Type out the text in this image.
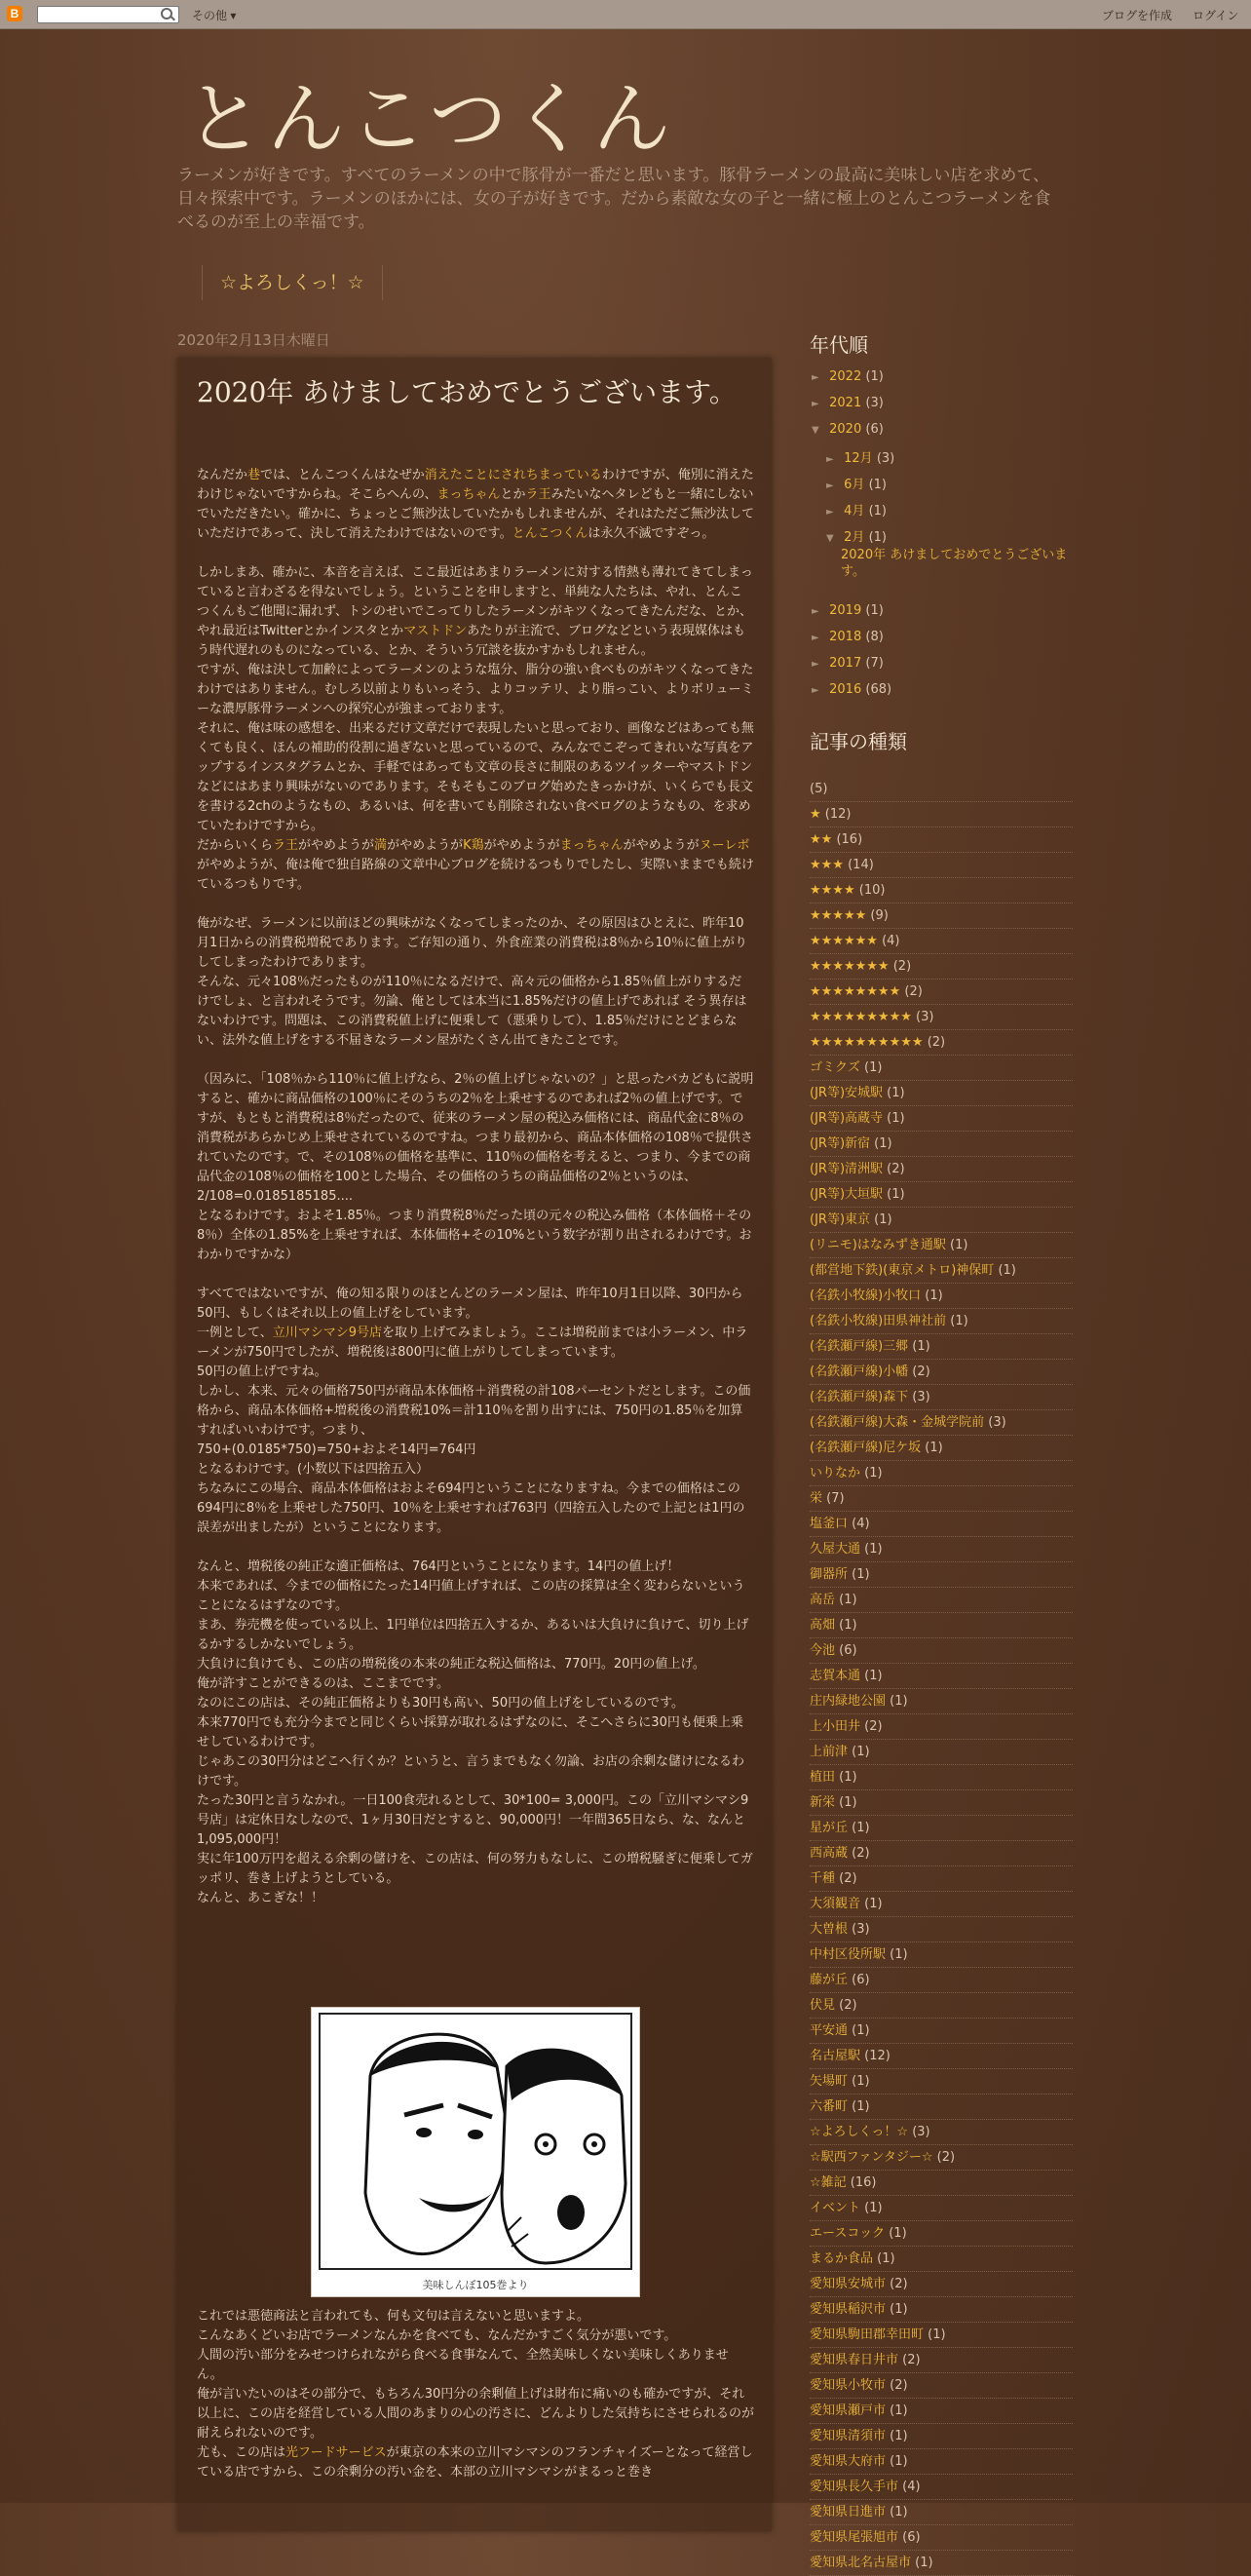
B	その他 ▾	ブログを作成 ログイン
とんこつくん
ラーメンが好きです。すべてのラーメンの中で豚骨が一番だと思います。豚骨ラーメンの最高に美味しい店を求めて、日々探索中です。ラーメンのほかには、女の子が好きです。だから素敵な女の子と一緒に極上のとんこつラーメンを食べるのが至上の幸福です。
☆よろしくっ！☆
2020年2月13日木曜日
2020年 あけましておめでとうございます。

なんだか巷では、とんこつくんはなぜか消えたことにされちまっているわけですが、俺別に消えたわけじゃないですからね。そこらへんの、まっちゃんとかラ王みたいなヘタレどもと一緒にしないでいただきたい。確かに、ちょっとご無沙汰していたかもしれませんが、それはただご無沙汰していただけであって、決して消えたわけではないのです。とんこつくんは永久不滅ですぞっ。

しかしまあ、確かに、本音を言えば、ここ最近はあまりラーメンに対する情熱も薄れてきてしまっていると言わざるを得ないでしょう。ということを申しますと、単純な人たちは、やれ、とんこつくんもご他聞に漏れず、トシのせいでこってりしたラーメンがキツくなってきたんだな、とか、やれ最近はTwitterとかインスタとかマストドンあたりが主流で、ブログなどという表現媒体はもう時代遅れのものになっている、とか、そういう冗談を抜かすかもしれません。

ですが、俺は決して加齢によってラーメンのような塩分、脂分の強い食べものがキツくなってきたわけではありません。むしろ以前よりもいっそう、よりコッテリ、より脂っこい、よりボリューミーな濃厚豚骨ラーメンへの探究心が強まっております。

それに、俺は味の感想を、出来るだけ文章だけで表現したいと思っており、画像などはあっても無くても良く、ほんの補助的役割に過ぎないと思っているので、みんなでこぞってきれいな写真をアップするインスタグラムとか、手軽ではあっても文章の長さに制限のあるツイッターやマストドンなどにはあまり興味がないのであります。そもそもこのブログ始めたきっかけが、いくらでも長文を書ける2chのようなもの、あるいは、何を書いても削除されない食べログのようなもの、を求めていたわけですから。

だからいくらラ王がやめようが満がやめようがK鶏がやめようがまっちゃんがやめようがヌーレボがやめようが、俺は俺で独自路線の文章中心ブログを続けるつもりでしたし、実際いままでも続けているつもりです。

俺がなぜ、ラーメンに以前ほどの興味がなくなってしまったのか、その原因はひとえに、昨年10月1日からの消費税増税であります。ご存知の通り、外食産業の消費税は8％から10％に値上がりしてしまったわけであります。

そんな、元々108％だったものが110％になるだけで、高々元の価格から1.85％値上がりするだけでしょ、と言われそうです。勿論、俺としては本当に1.85%だけの値上げであれば そう異存はないわけです。問題は、この消費税値上げに便乗して（悪乗りして）、1.85％だけにとどまらない、法外な値上げをする不届きなラーメン屋がたくさん出てきたことです。

（因みに、「108％から110％に値上げなら、2％の値上げじゃないの？」と思ったバカどもに説明すると、確かに商品価格の100％にそのうちの2％を上乗せするのであれば2％の値上げです。ですが、もともと消費税は8％だったので、従来のラーメン屋の税込み価格には、商品代金に8％の消費税があらかじめ上乗せされているのですね。つまり最初から、商品本体価格の108％で提供されていたのです。で、その108％の価格を基準に、110％の価格を考えると、つまり、今までの商品代金の108％の価格を100とした場合、その価格のうちの商品価格の2％というのは、

2/108=0.0185185185....

となるわけです。およそ1.85％。つまり消費税8％だった頃の元々の税込み価格（本体価格＋その8％）全体の1.85%を上乗せすれば、本体価格+その10%という数字が割り出されるわけです。おわかりですかな）

すべてではないですが、俺の知る限りのほとんどのラーメン屋は、昨年10月1日以降、30円から50円、もしくはそれ以上の値上げをしています。

一例として、立川マシマシ9号店を取り上げてみましょう。ここは増税前までは小ラーメン、中ラーメンが750円でしたが、増税後は800円に値上がりしてしまっています。

50円の値上げですね。

しかし、本来、元々の価格750円が商品本体価格＋消費税の計108パーセントだとします。この価格から、商品本体価格+増税後の消費税10%＝計110％を割り出すには、750円の1.85％を加算すればいいわけです。つまり、

750+(0.0185*750)=750+およそ14円=764円

となるわけです。(小数以下は四捨五入）

ちなみにこの場合、商品本体価格はおよそ694円ということになりますね。今までの価格はこの694円に8％を上乗せした750円、10％を上乗せすれば763円（四捨五入したので上記とは1円の誤差が出ましたが）ということになります。

なんと、増税後の純正な適正価格は、764円ということになります。14円の値上げ！

本来であれば、今までの価格にたった14円値上げすれば、この店の採算は全く変わらないということになるはずなのです。

まあ、券売機を使っている以上、1円単位は四捨五入するか、あるいは大負けに負けて、切り上げるかするしかないでしょう。

大負けに負けても、この店の増税後の本来の純正な税込価格は、770円。20円の値上げ。

俺が許すことができるのは、ここまでです。

なのにこの店は、その純正価格よりも30円も高い、50円の値上げをしているのです。

本来770円でも充分今までと同じくらい採算が取れるはずなのに、そこへさらに30円も便乗上乗せしているわけです。

じゃあこの30円分はどこへ行くか？というと、言うまでもなく勿論、お店の余剰な儲けになるわけです。

たった30円と言うなかれ。一日100食売れるとして、30*100= 3,000円。この「立川マシマシ9号店」は定休日なしなので、1ヶ月30日だとすると、90,000円！一年間365日なら、な、なんと1,095,000円！

実に年100万円を超える余剰の儲けを、この店は、何の努力もなしに、この増税騒ぎに便乗してガッポリ、巻き上げようとしている。

なんと、あこぎな！！

美味しんぼ105巻より

これでは悪徳商法と言われても、何も文句は言えないと思いますよ。

こんなあくどいお店でラーメンなんかを食べても、なんだかすごく気分が悪いです。

人間の汚い部分をみせつけられながら食べる食事なんて、全然美味しくない美味しくありません。

俺が言いたいのはその部分で、もちろん30円分の余剰値上げは財布に痛いのも確かですが、それ以上に、この店を経営している人間のあまりの心の汚さに、どんよりした気持ちにさせられるのが耐えられないのです。

尤も、この店は光フードサービスが東京の本来の立川マシマシのフランチャイズーとなって経営している店ですから、この余剰分の汚い金を、本部の立川マシマシがまるっと巻き

年代順
► 2022 (1)
► 2021 (3)
▼ 2020 (6)
► 12月 (3)
► 6月 (1)
► 4月 (1)
▼ 2月 (1)
2020年 あけましておめでとうございます。
► 2019 (1)
► 2018 (8)
► 2017 (7)
► 2016 (68)
記事の種類
(5)
★ (12)
★★ (16)
★★★ (14)
★★★★ (10)
★★★★★ (9)
★★★★★★ (4)
★★★★★★★ (2)
★★★★★★★★ (2)
★★★★★★★★★ (3)
★★★★★★★★★★ (2)
ゴミクズ (1)
(JR等)安城駅 (1)
(JR等)高蔵寺 (1)
(JR等)新宿 (1)
(JR等)清洲駅 (2)
(JR等)大垣駅 (1)
(JR等)東京 (1)
(リニモ)はなみずき通駅 (1)
(都営地下鉄)(東京メトロ)神保町 (1)
(名鉄小牧線)小牧口 (1)
(名鉄小牧線)田県神社前 (1)
(名鉄瀬戸線)三郷 (1)
(名鉄瀬戸線)小幡 (2)
(名鉄瀬戸線)森下 (3)
(名鉄瀬戸線)大森・金城学院前 (3)
(名鉄瀬戸線)尼ケ坂 (1)
いりなか (1)
栄 (7)
塩釜口 (4)
久屋大通 (1)
御器所 (1)
高岳 (1)
高畑 (1)
今池 (6)
志賀本通 (1)
庄内緑地公園 (1)
上小田井 (2)
上前津 (1)
植田 (1)
新栄 (1)
星が丘 (1)
西高蔵 (2)
千種 (2)
大須観音 (1)
大曽根 (3)
中村区役所駅 (1)
藤が丘 (6)
伏見 (2)
平安通 (1)
名古屋駅 (12)
矢場町 (1)
六番町 (1)
☆よろしくっ！☆ (3)
☆駅西ファンタジー☆ (2)
☆雑記 (16)
イベント (1)
エースコック (1)
まるか食品 (1)
愛知県安城市 (2)
愛知県稲沢市 (1)
愛知県駒田郡幸田町 (1)
愛知県春日井市 (2)
愛知県小牧市 (2)
愛知県瀬戸市 (1)
愛知県清須市 (1)
愛知県大府市 (1)
愛知県長久手市 (4)
愛知県日進市 (1)
愛知県尾張旭市 (6)
愛知県北名古屋市 (1)
